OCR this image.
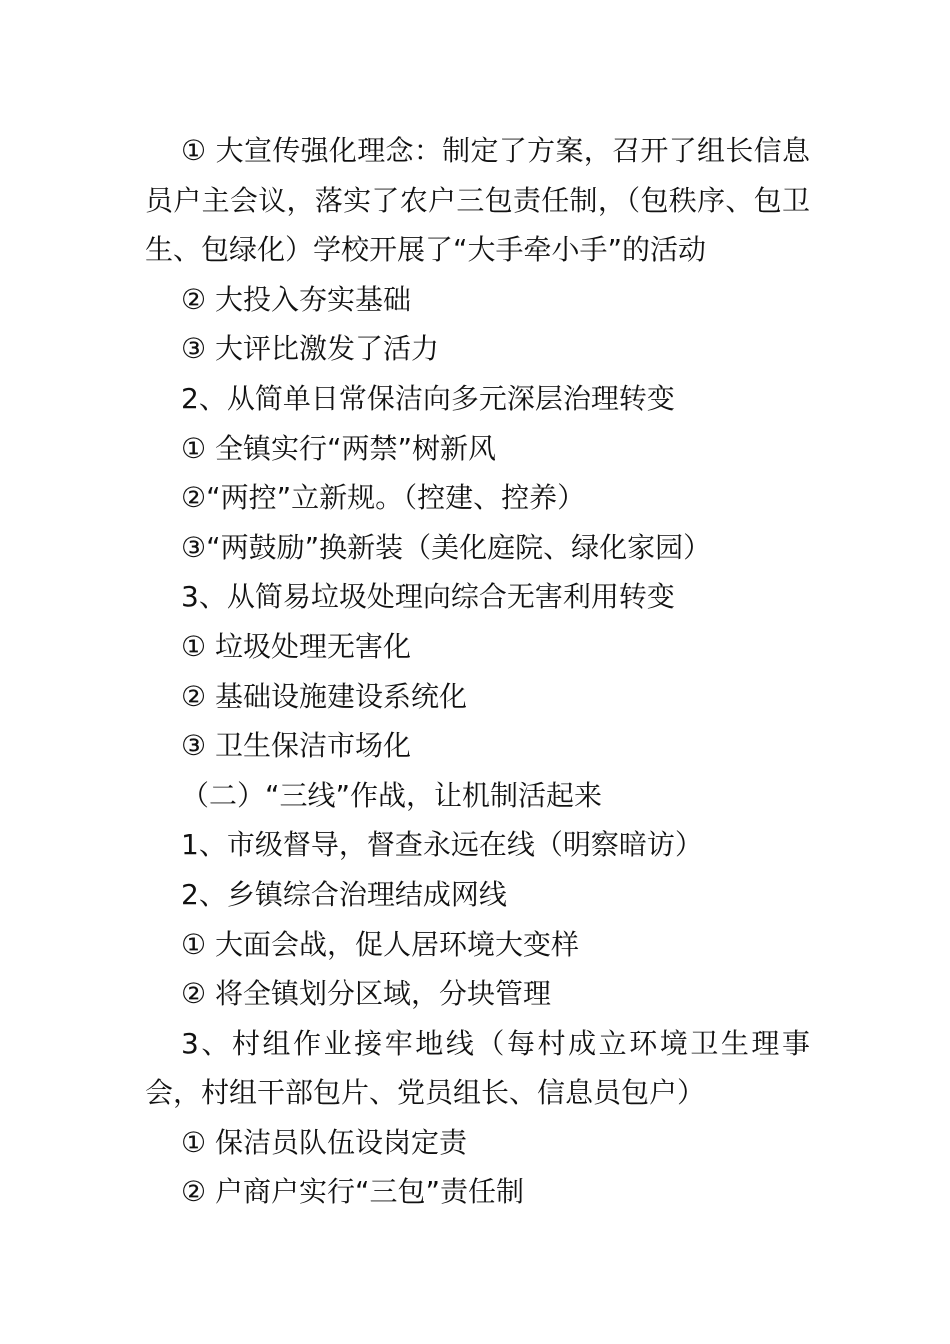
① 大宣传强化理念：制定了方案，召开了组长信息员户主会议，落实了农户三包责任制，（包秩序、包卫生、包绿化）学校开展了“大手牵小手”的活动

② 大投入夯实基础

③ 大评比激发了活力

2、从简单日常保洁向多元深层治理转变

① 全镇实行“两禁”树新风

②“两控”立新规。（控建、控养）

③“两鼓励”换新装（美化庭院、绿化家园）

3、从简易垃圾处理向综合无害利用转变

① 垃圾处理无害化

② 基础设施建设系统化

③ 卫生保洁市场化

（二）“三线”作战，让机制活起来

1、市级督导，督查永远在线（明察暗访）

2、乡镇综合治理结成网线

① 大面会战，促人居环境大变样

② 将全镇划分区域，分块管理

3、村组作业接牢地线（每村成立环境卫生理事会，村组干部包片、党员组长、信息员包户）

① 保洁员队伍设岗定责

② 户商户实行“三包”责任制
